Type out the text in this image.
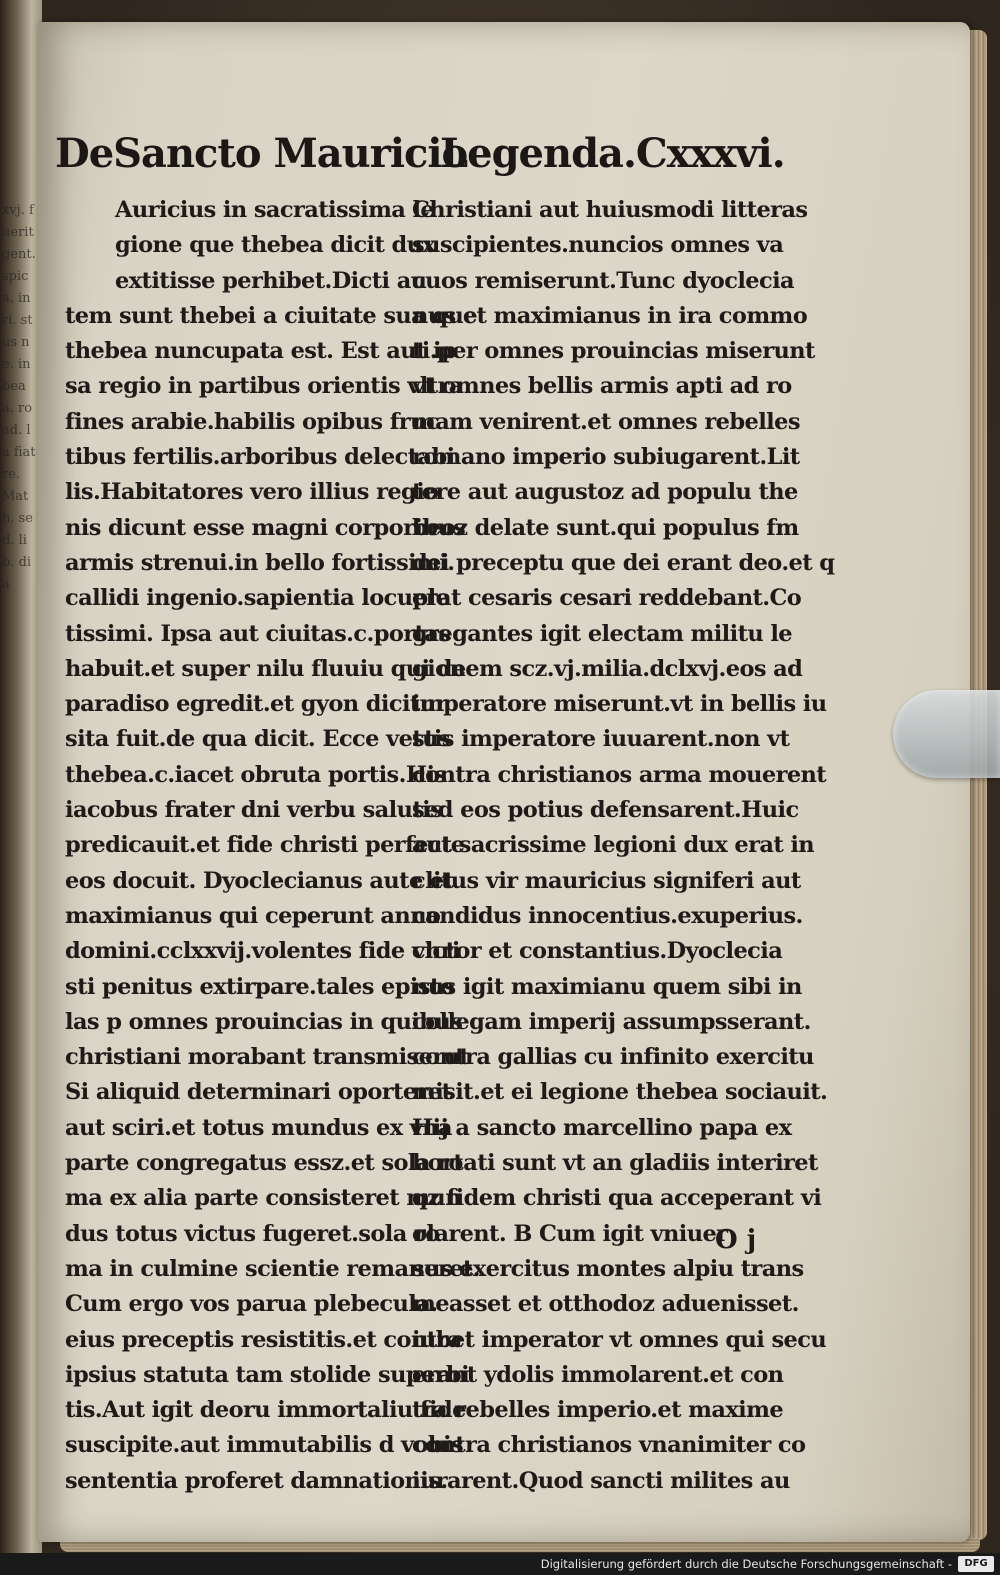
xvj. fuerit gent. spica. in ri. stus ne. in bea a. ro ad. la fiat re. Math. sed. lib. dia
DeSancto Mauricio
Legenda.Cxxxvi.
Auricius in sacratissima le
gione que thebea dicit dux
extitisse perhibet.Dicti au
tem sunt thebei a ciuitate sua que
thebea nuncupata est. Est aut ip
sa regio in partibus orientis vltra
fines arabie.habilis opibus fruc
tibus fertilis.arboribus delectabi
lis.Habitatores vero illius regio
nis dicunt esse magni corporibus
armis strenui.in bello fortissimi.
callidi ingenio.sapientia locuple
tissimi. Ipsa aut ciuitas.c.portas
habuit.et super nilu fluuiu qui de
paradiso egredit.et gyon dicitur
sita fuit.de qua dicit. Ecce vetus
thebea.c.iacet obruta portis.His
iacobus frater dni verbu salutis
predicauit.et fide christi perfecte
eos docuit. Dyoclecianus aute et
maximianus qui ceperunt anno
domini.cclxxvij.volentes fide chri
sti penitus extirpare.tales episto
las p omnes prouincias in quibus
christiani morabant transmiserut
Si aliquid determinari oporteret
aut sciri.et totus mundus ex vna
parte congregatus essz.et sola ro
ma ex alia parte consisteret mun
dus totus victus fugeret.sola ro
ma in culmine scientie remaneret.
Cum ergo vos parua plebecula.
eius preceptis resistitis.et contra
ipsius statuta tam stolide superbi
tis.Aut igit deoru immortaliu fide
suscipite.aut immutabilis d vobis
sententia proferet damnationis.
Christiani aut huiusmodi litteras
suscipientes.nuncios omnes va
cuos remiserunt.Tunc dyoclecia
nus et maximianus in ira commo
ti.per omnes prouincias miserunt
vt omnes bellis armis apti ad ro
mam venirent.et omnes rebelles
romano imperio subiugarent.Lit
tere aut augustoz ad populu the
beoz delate sunt.qui populus fm
dei preceptu que dei erant deo.et q
erat cesaris cesari reddebant.Co
gregantes igit electam militu le
gionem scz.vj.milia.dclxvj.eos ad
imperatore miserunt.vt in bellis iu
stis imperatore iuuarent.non vt
contra christianos arma mouerent
sed eos potius defensarent.Huic
aut sacrissime legioni dux erat in
clitus vir mauricius signiferi aut
candidus innocentius.exuperius.
victor et constantius.Dyoclecia
nus igit maximianu quem sibi in
collegam imperij assumpsserant.
contra gallias cu infinito exercitu
misit.et ei legione thebea sociauit.
Hij a sancto marcellino papa ex
hortati sunt vt an gladiis interiret
qz fidem christi qua acceperant vi
olarent. B Cum igit vniuer
sus exercitus montes alpiu trans
measset et otthodoz aduenisset.
iubet imperator vt omnes qui secu
erant ydolis immolarent.et con
tra rebelles imperio.et maxime
contra christianos vnanimiter co
iurarent.Quod sancti milites au
O j
Digitalisierung gefördert durch die Deutsche Forschungsgemeinschaft -	DFG
